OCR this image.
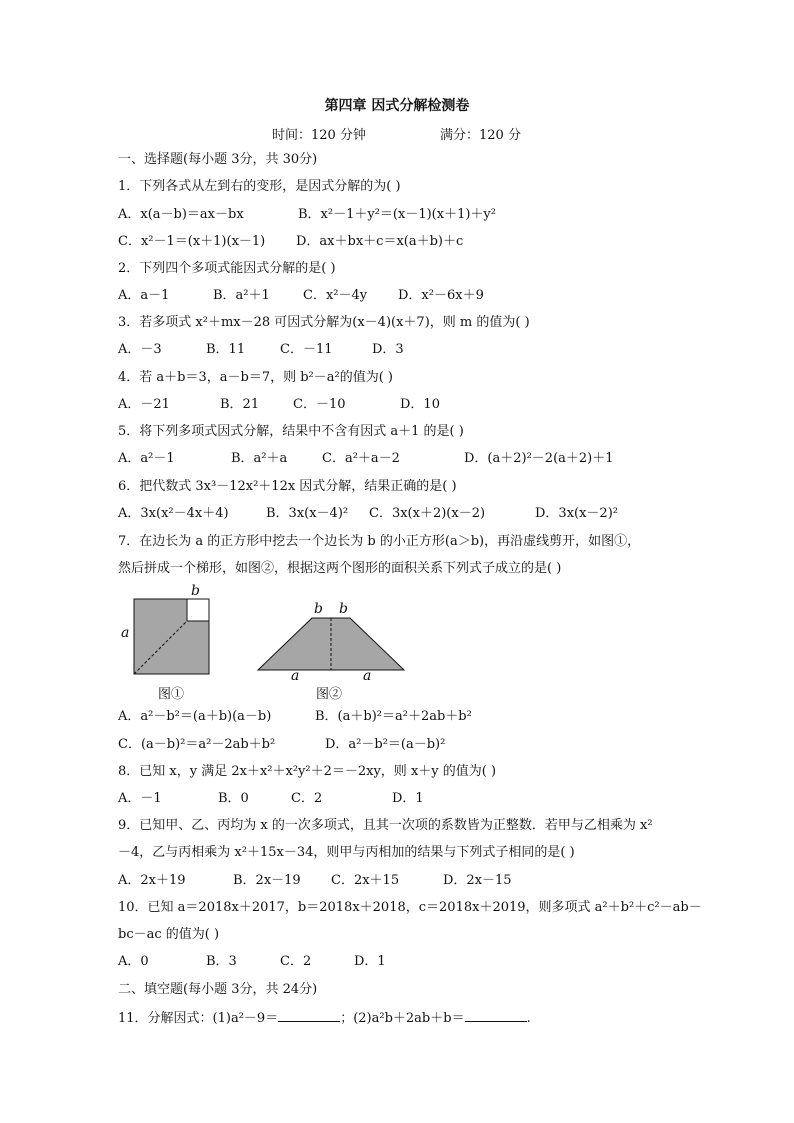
第四章 因式分解检测卷
时间：120 分钟	满分：120 分
一、选择题(每小题 3分，共 30分)
1．下列各式从左到右的变形，是因式分解的为( )
A．x(a－b)＝ax－bx	B．x²－1＋y²＝(x－1)(x＋1)＋y²
C．x²－1＝(x＋1)(x－1) D．ax＋bx＋c＝x(a＋b)＋c
2．下列四个多项式能因式分解的是( )
A．a－1	B．a²＋1	C．x²－4y D．x²－6x＋9
3．若多项式 x²＋mx－28 可因式分解为(x－4)(x＋7)，则 m 的值为( )
A．－3	B．11	C．－11	D．3
4．若 a＋b＝3，a－b＝7，则 b²－a²的值为( )
A．－21	B．21	C．－10	D．10
5．将下列多项式因式分解，结果中不含有因式 a＋1 的是( )
A．a²－1	B．a²＋a	C．a²＋a－2	D．(a＋2)²－2(a＋2)＋1
6．把代数式 3x³－12x²＋12x 因式分解，结果正确的是( )
A．3x(x²－4x＋4)	B．3x(x－4)² C．3x(x＋2)(x－2)	D．3x(x－2)²
7．在边长为 a 的正方形中挖去一个边长为 b 的小正方形(a＞b)，再沿虚线剪开，如图①，
然后拼成一个梯形，如图②，根据这两个图形的面积关系下列式子成立的是( )
b
a
图①
b b
a	a
图②
A．a²－b²＝(a＋b)(a－b)	B．(a＋b)²＝a²＋2ab＋b²
C．(a－b)²＝a²－2ab＋b²	D．a²－b²＝(a－b)²
8．已知 x，y 满足 2x＋x²＋x²y²＋2＝－2xy，则 x＋y 的值为( )
A．－1	B．0	C．2	D．1
9．已知甲、乙、丙均为 x 的一次多项式，且其一次项的系数皆为正整数．若甲与乙相乘为 x²
－4，乙与丙相乘为 x²＋15x－34，则甲与丙相加的结果与下列式子相同的是( )
A．2x＋19	B．2x－19 C．2x＋15	D．2x－15
10．已知 a＝2018x＋2017，b＝2018x＋2018，c＝2018x＋2019，则多项式 a²＋b²＋c²－ab－
bc－ac 的值为( )
A．0	B．3	C．2	D．1
二、填空题(每小题 3分，共 24分)
11．分解因式：(1)a²－9＝	；(2)a²b＋2ab＋b＝	.
